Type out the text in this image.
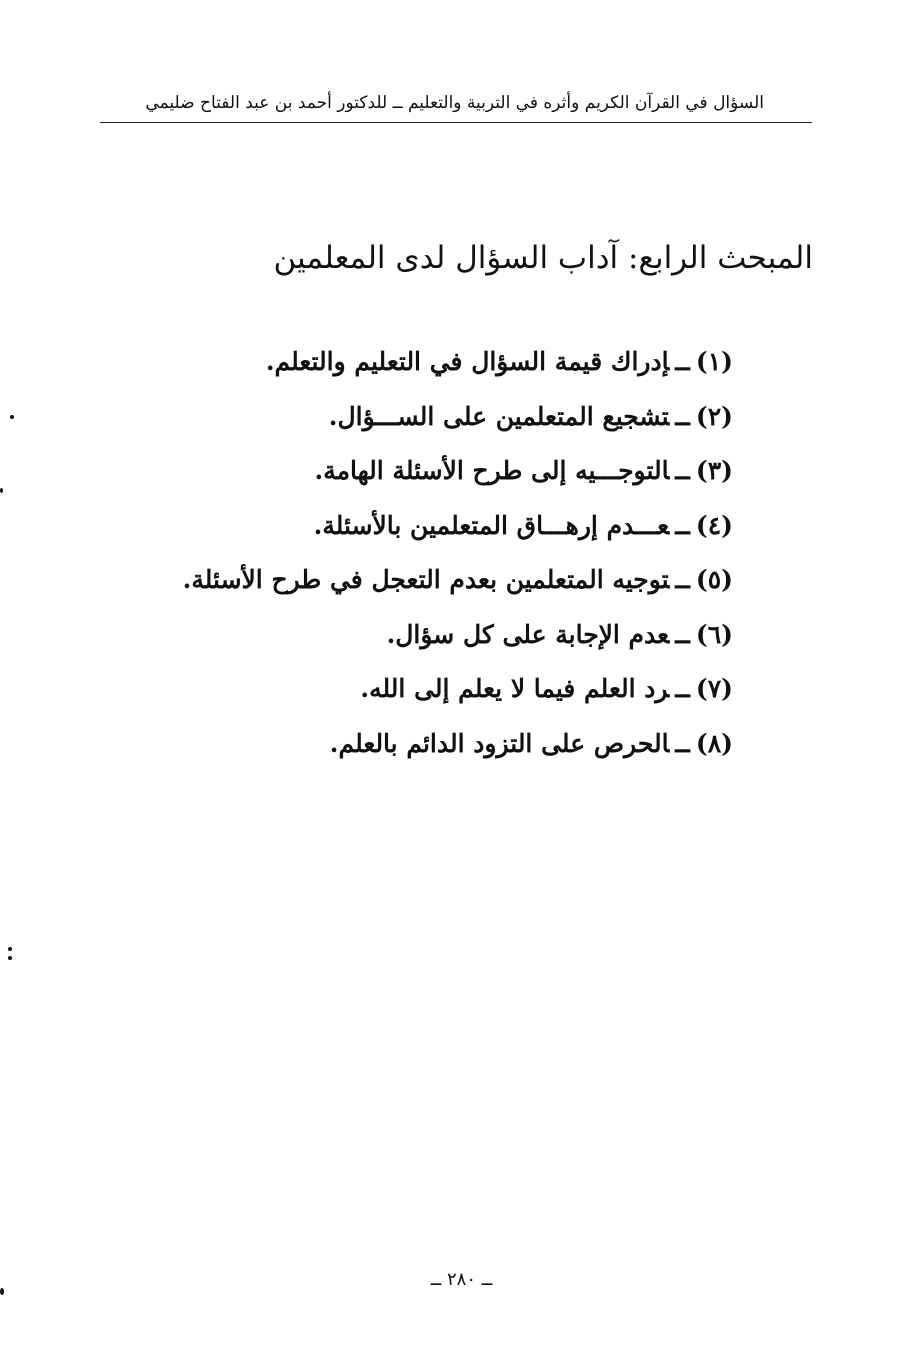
السؤال في القرآن الكريم وأثره في التربية والتعليم ــ للدكتور أحمد بن عبد الفتاح ضليمي
المبحث الرابع: آداب السؤال لدى المعلمين
(١)ــإدراك قيمة السؤال في التعليم والتعلم.
(٢)ــتشجيع المتعلمين على الســـؤال.
(٣)ــالتوجـــيه إلى طرح الأسئلة الهامة.
(٤)ــعـــدم إرهـــاق المتعلمين بالأسئلة.
(٥)ــتوجيه المتعلمين بعدم التعجل في طرح الأسئلة.
(٦)ــعدم الإجابة على كل سؤال.
(٧)ــرد العلم فيما لا يعلم إلى الله.
(٨)ــالحرص على التزود الدائم بالعلم.
ــ ٢٨٠ ــ
